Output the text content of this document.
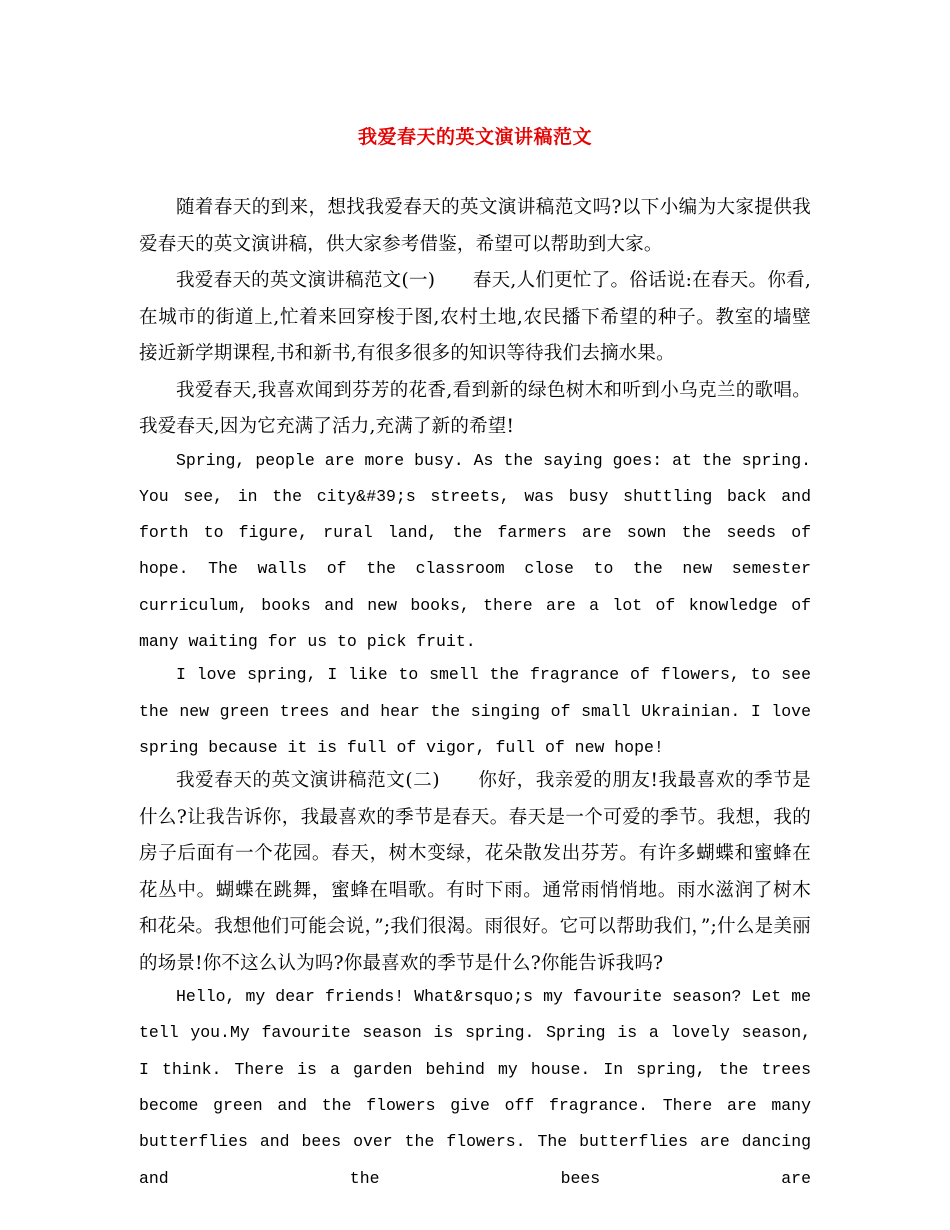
我爱春天的英文演讲稿范文

随着春天的到来，想找我爱春天的英文演讲稿范文吗?以下小编为大家提供我爱春天的英文演讲稿，供大家参考借鉴，希望可以帮助到大家。

我爱春天的英文演讲稿范文(一)　　春天,人们更忙了。俗话说:在春天。你看,在城市的街道上,忙着来回穿梭于图,农村土地,农民播下希望的种子。教室的墙壁接近新学期课程,书和新书,有很多很多的知识等待我们去摘水果。

我爱春天,我喜欢闻到芬芳的花香,看到新的绿色树木和听到小乌克兰的歌唱。我爱春天,因为它充满了活力,充满了新的希望!

Spring, people are more busy. As the saying goes: at the spring. You see, in the city&#39;s streets, was busy shuttling back and forth to figure, rural land, the farmers are sown the seeds of hope. The walls of the classroom close to the new semester curriculum, books and new books, there are a lot of knowledge of many waiting for us to pick fruit.

I love spring, I like to smell the fragrance of flowers, to see the new green trees and hear the singing of small Ukrainian. I love spring because it is full of vigor, full of new hope!

我爱春天的英文演讲稿范文(二)　　你好，我亲爱的朋友!我最喜欢的季节是什么?让我告诉你，我最喜欢的季节是春天。春天是一个可爱的季节。我想，我的房子后面有一个花园。春天，树木变绿，花朵散发出芬芳。有许多蝴蝶和蜜蜂在花丛中。蝴蝶在跳舞，蜜蜂在唱歌。有时下雨。通常雨悄悄地。雨水滋润了树木和花朵。我想他们可能会说，”;我们很渴。雨很好。它可以帮助我们，”;什么是美丽的场景!你不这么认为吗?你最喜欢的季节是什么?你能告诉我吗?

Hello, my dear friends! What&rsquo;s my favourite season? Let me tell you.My favourite season is spring. Spring is a lovely season, I think. There is a garden behind my house. In spring, the trees become green and the flowers give off fragrance. There are many butterflies and bees over the flowers. The butterflies are dancing and the bees are
